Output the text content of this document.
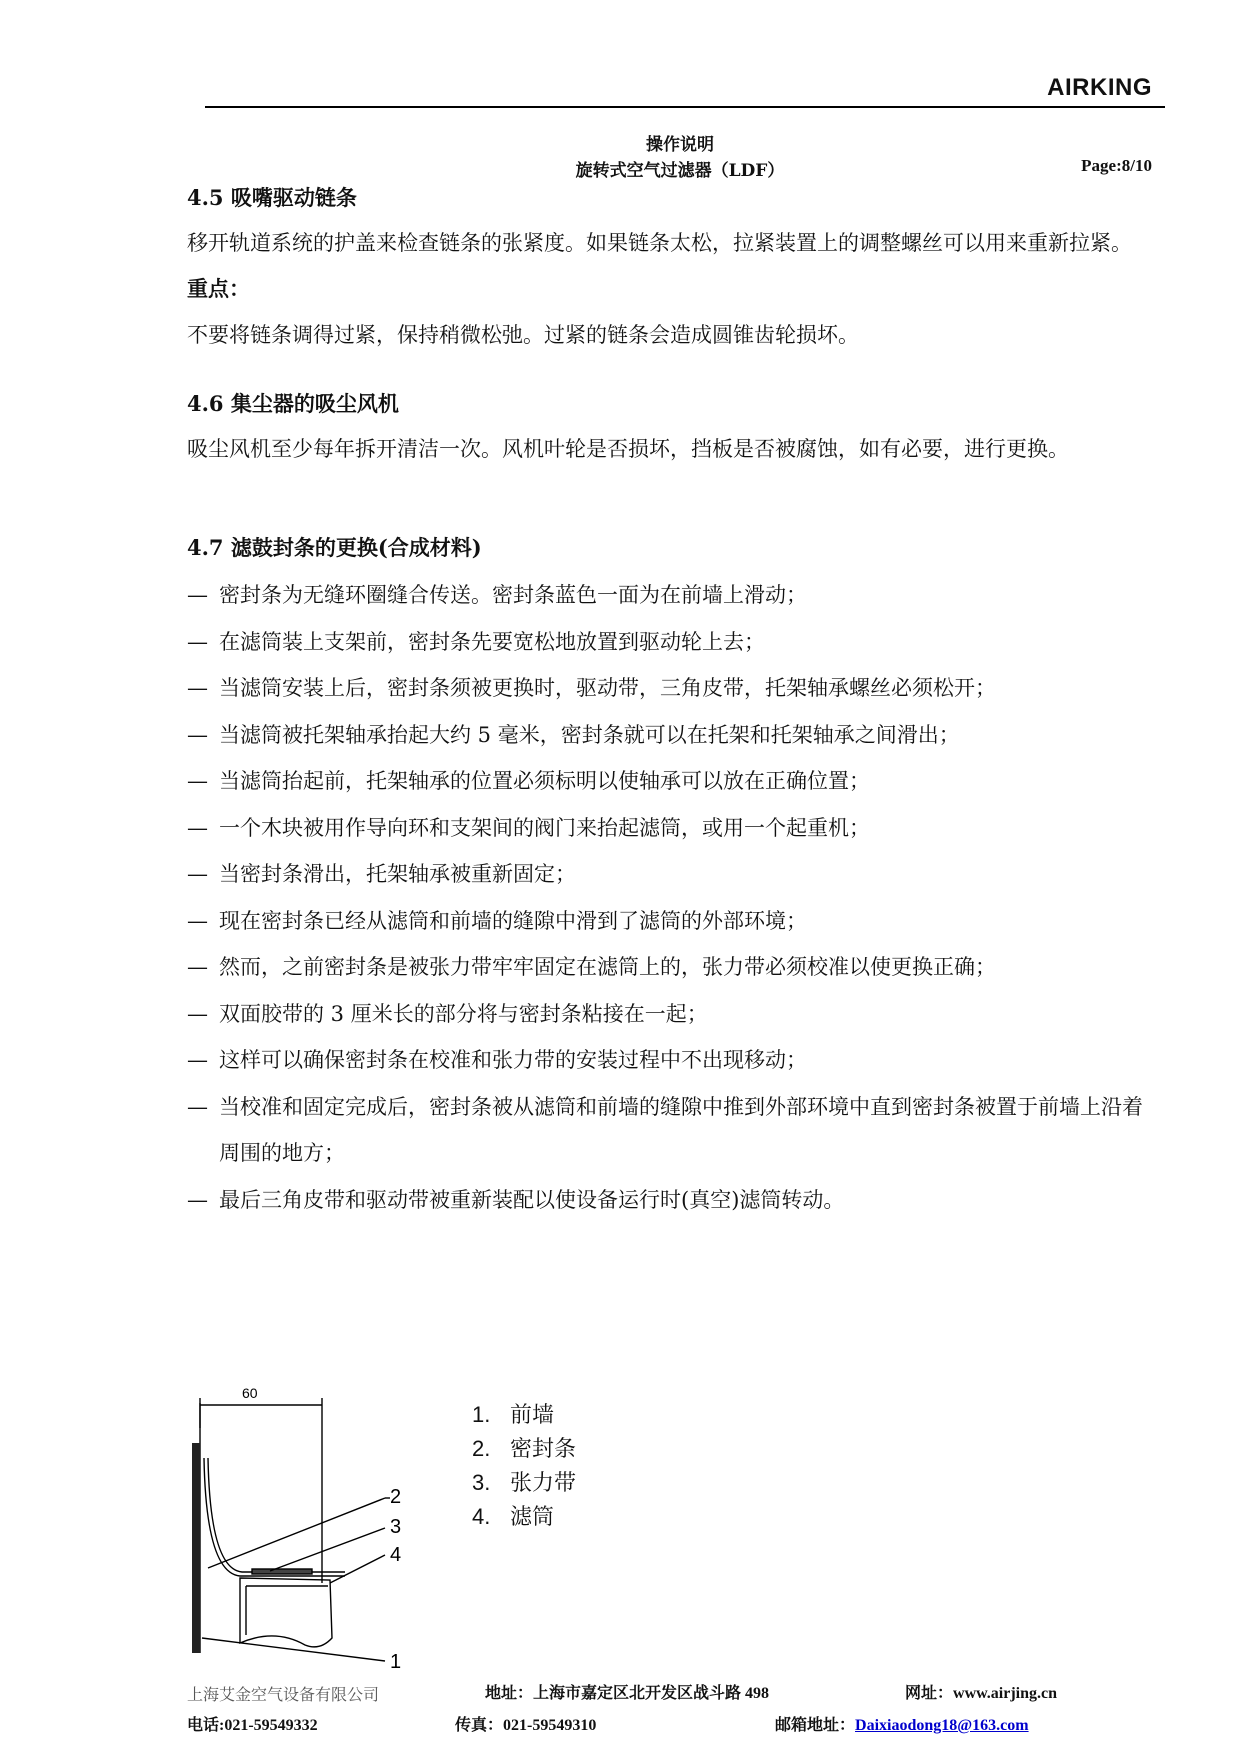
AIRKING
操作说明
旋转式空气过滤器（LDF）	Page:8/10

4.5 吸嘴驱动链条

移开轨道系统的护盖来检查链条的张紧度。如果链条太松，拉紧装置上的调整螺丝可以用来重新拉紧。

重点：

不要将链条调得过紧，保持稍微松弛。过紧的链条会造成圆锥齿轮损坏。

4.6 集尘器的吸尘风机

吸尘风机至少每年拆开清洁一次。风机叶轮是否损坏，挡板是否被腐蚀，如有必要，进行更换。

4.7 滤鼓封条的更换(合成材料)

— 密封条为无缝环圈缝合传送。密封条蓝色一面为在前墙上滑动；
— 在滤筒装上支架前，密封条先要宽松地放置到驱动轮上去；
— 当滤筒安装上后，密封条须被更换时，驱动带，三角皮带，托架轴承螺丝必须松开；
— 当滤筒被托架轴承抬起大约 5 毫米，密封条就可以在托架和托架轴承之间滑出；
— 当滤筒抬起前，托架轴承的位置必须标明以使轴承可以放在正确位置；
— 一个木块被用作导向环和支架间的阀门来抬起滤筒，或用一个起重机；
— 当密封条滑出，托架轴承被重新固定；
— 现在密封条已经从滤筒和前墙的缝隙中滑到了滤筒的外部环境；
— 然而，之前密封条是被张力带牢牢固定在滤筒上的，张力带必须校准以使更换正确；
— 双面胶带的 3 厘米长的部分将与密封条粘接在一起；
— 这样可以确保密封条在校准和张力带的安装过程中不出现移动；
— 当校准和固定完成后，密封条被从滤筒和前墙的缝隙中推到外部环境中直到密封条被置于前墙上沿着周围的地方；
— 最后三角皮带和驱动带被重新装配以使设备运行时(真空)滤筒转动。
60
2
3
4
1
1. 前墙
2. 密封条
3. 张力带
4. 滤筒
上海艾金空气设备有限公司	地址：上海市嘉定区北开发区战斗路 498	网址：www.airjing.cn
电话:021-59549332	传真：021-59549310	邮箱地址：Daixiaodong18@163.com
